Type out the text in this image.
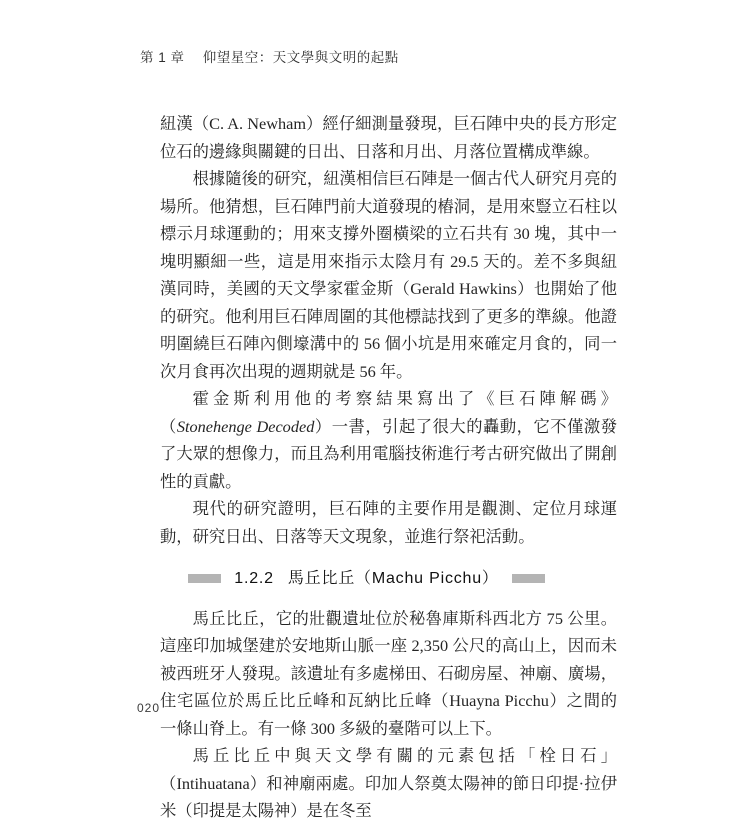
第 1 章 仰望星空：天文學與文明的起點

紐漢（C. A. Newham）經仔細測量發現，巨石陣中央的長方形定位石的邊緣與關鍵的日出、日落和月出、月落位置構成準線。

根據隨後的研究，紐漢相信巨石陣是一個古代人研究月亮的場所。他猜想，巨石陣門前大道發現的樁洞，是用來豎立石柱以標示月球運動的；用來支撐外圈橫梁的立石共有 30 塊，其中一塊明顯細一些，這是用來指示太陰月有 29.5 天的。差不多與紐漢同時，美國的天文學家霍金斯（Gerald Hawkins）也開始了他的研究。他利用巨石陣周圍的其他標誌找到了更多的準線。他證明圍繞巨石陣內側壕溝中的 56 個小坑是用來確定月食的，同一次月食再次出現的週期就是 56 年。

霍金斯利用他的考察結果寫出了《巨石陣解碼》（Stonehenge Decoded）一書，引起了很大的轟動，它不僅激發了大眾的想像力，而且為利用電腦技術進行考古研究做出了開創性的貢獻。

現代的研究證明，巨石陣的主要作用是觀測、定位月球運動，研究日出、日落等天文現象，並進行祭祀活動。

1.2.2 馬丘比丘（Machu Picchu）

馬丘比丘，它的壯觀遺址位於秘魯庫斯科西北方 75 公里。這座印加城堡建於安地斯山脈一座 2,350 公尺的高山上，因而未被西班牙人發現。該遺址有多處梯田、石砌房屋、神廟、廣場，住宅區位於馬丘比丘峰和瓦納比丘峰（Huayna Picchu）之間的一條山脊上。有一條 300 多級的臺階可以上下。

馬丘比丘中與天文學有關的元素包括「栓日石」（Intihuatana）和神廟兩處。印加人祭奠太陽神的節日印提·拉伊米（印提是太陽神）是在冬至

020
